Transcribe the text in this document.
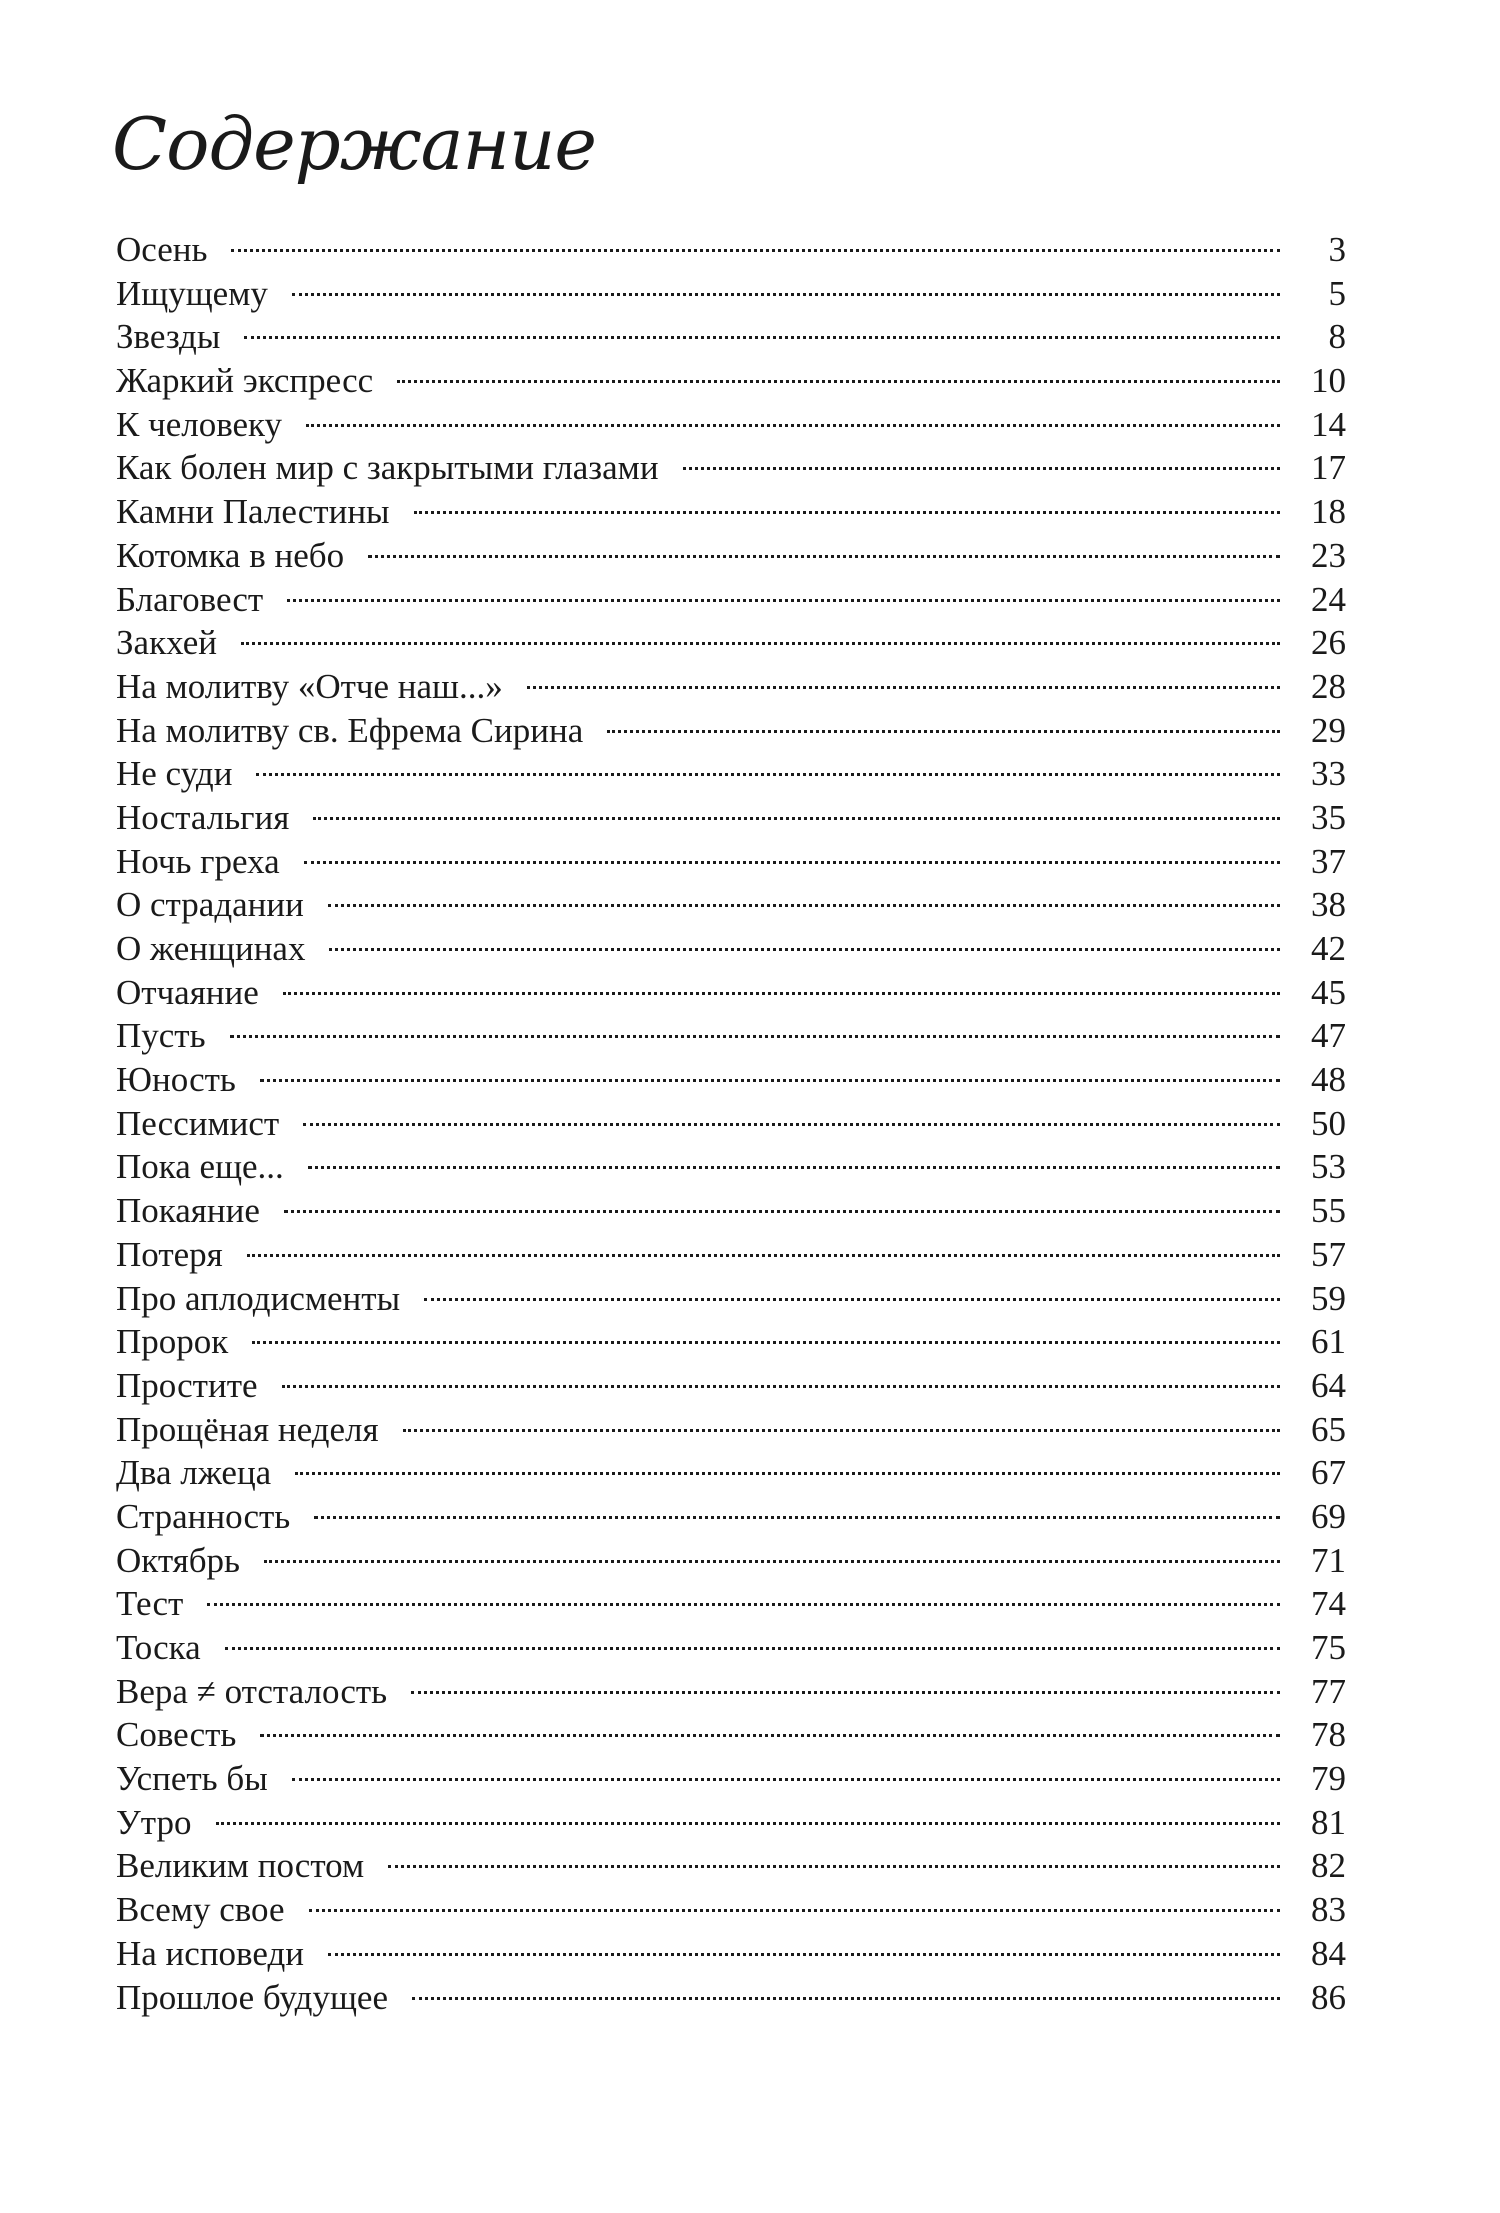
Содержание
Осень	3
Ищущему	5
Звезды	8
Жаркий экспресс	10
К человеку	14
Как болен мир с закрытыми глазами	17
Камни Палестины	18
Котомка в небо	23
Благовест	24
Закхей	26
На молитву «Отче наш...»	28
На молитву св. Ефрема Сирина	29
Не суди	33
Ностальгия	35
Ночь греха	37
О страдании	38
О женщинах	42
Отчаяние	45
Пусть	47
Юность	48
Пессимист	50
Пока еще...	53
Покаяние	55
Потеря	57
Про аплодисменты	59
Пророк	61
Простите	64
Прощёная неделя	65
Два лжеца	67
Странность	69
Октябрь	71
Тест	74
Тоска	75
Вера ≠ отсталость	77
Совесть	78
Успеть бы	79
Утро	81
Великим постом	82
Всему свое	83
На исповеди	84
Прошлое будущее	86
